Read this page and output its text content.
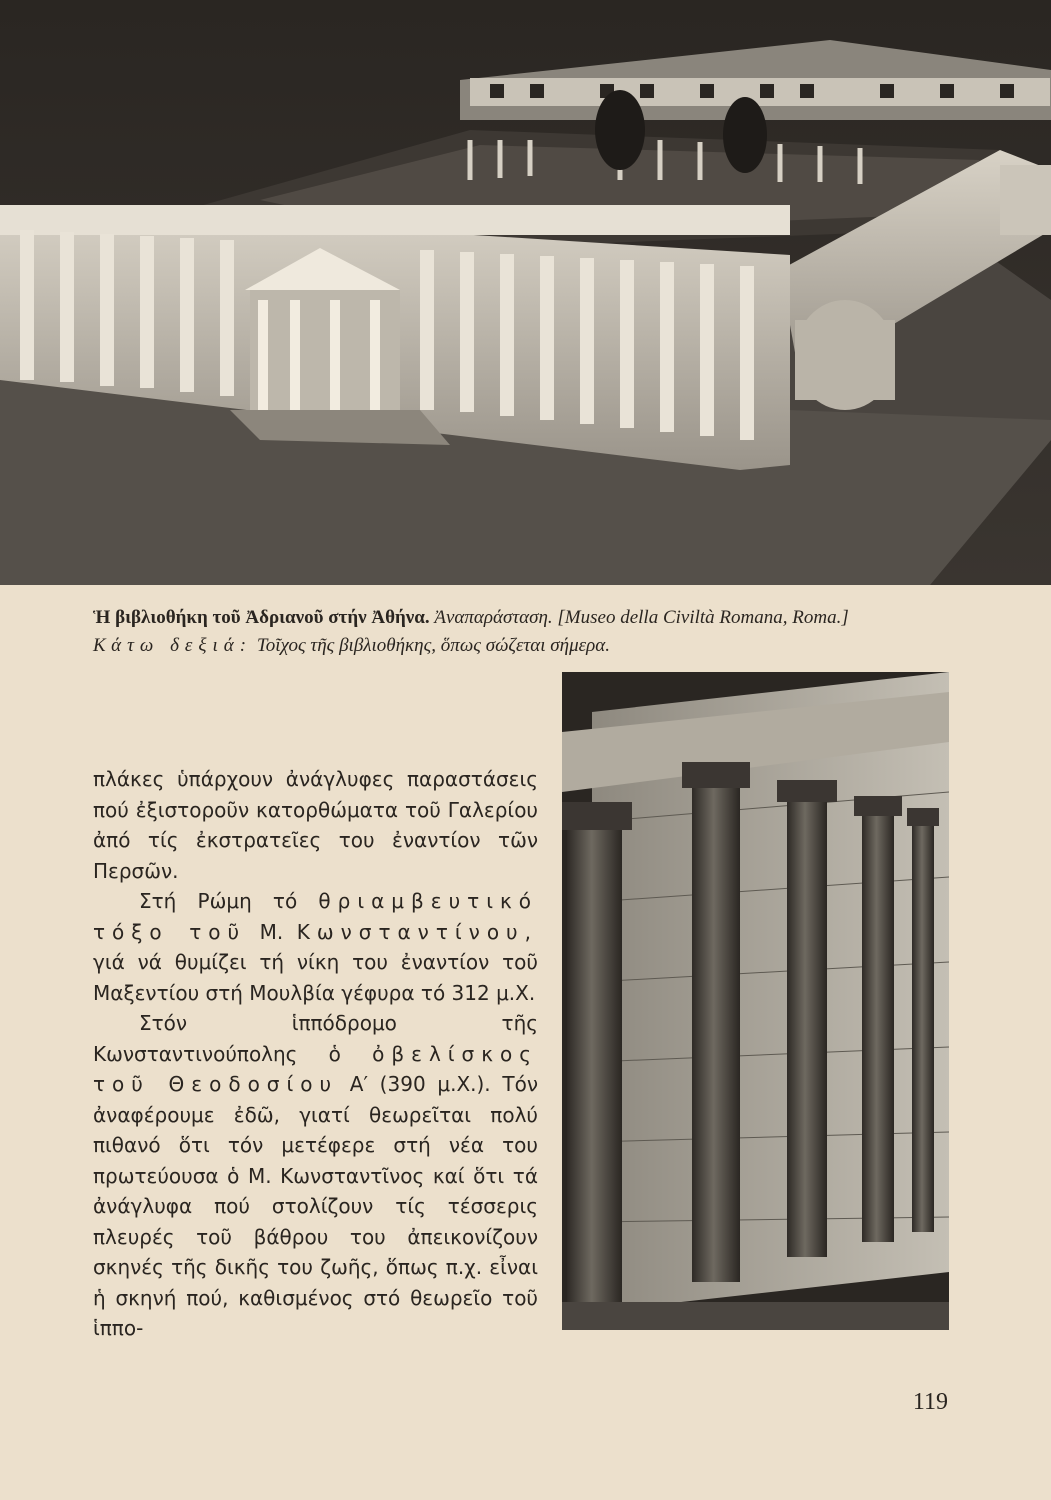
Ἡ βιβλιοθήκη τοῦ Ἀδριανοῦ στήν Ἀθήνα. Ἀναπαράσταση. [Museo della Civiltà Romana, Roma.]
Κάτω δεξιά: Τοῖχος τῆς βιβλιοθήκης, ὅπως σώζεται σήμερα.

πλάκες ὑπάρχουν ἀνάγλυφες παραστάσεις πού ἐξιστοροῦν κατορθώματα τοῦ Γαλερίου ἀπό τίς ἐκστρατεῖες του ἐναντίον τῶν Περσῶν.

Στή Ρώμη τό θριαμβευτικό τόξο τοῦ Μ. Κωνσταντίνου, γιά νά θυμίζει τή νίκη του ἐναντίον τοῦ Μαξεντίου στή Μουλβία γέφυρα τό 312 μ.Χ.

Στόν ἱππόδρομο τῆς Κωνσταντινούπολης ὁ ὀβελίσκος τοῦ Θεοδοσίου Α′ (390 μ.Χ.). Τόν ἀναφέρουμε ἐδῶ, γιατί θεωρεῖται πολύ πιθανό ὅτι τόν μετέφερε στή νέα του πρωτεύουσα ὁ Μ. Κωνσταντῖνος καί ὅτι τά ἀνάγλυφα πού στολίζουν τίς τέσσερις πλευρές τοῦ βάθρου του ἀπεικονίζουν σκηνές τῆς δικῆς του ζωῆς, ὅπως π.χ. εἶναι ἡ σκηνή πού, καθισμένος στό θεωρεῖο τοῦ ἱππο-

119
